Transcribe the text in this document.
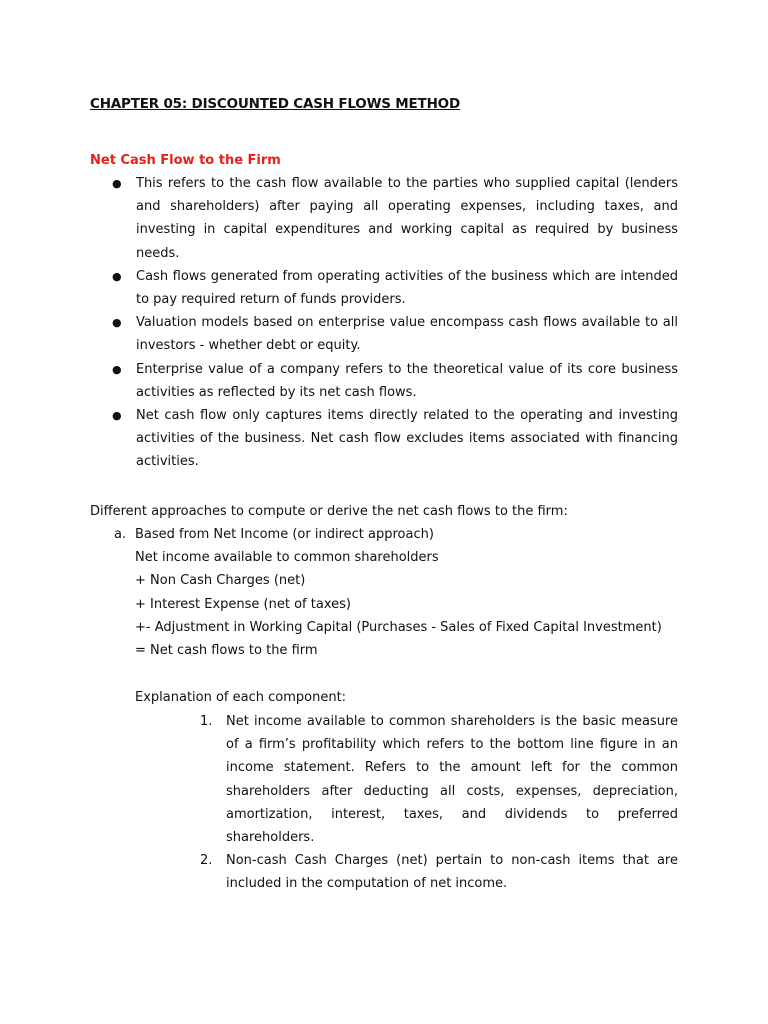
CHAPTER 05: DISCOUNTED CASH FLOWS METHOD
Net Cash Flow to the Firm
● This refers to the cash flow available to the parties who supplied capital (lenders and shareholders) after paying all operating expenses, including taxes, and investing in capital expenditures and working capital as required by business needs.
● Cash flows generated from operating activities of the business which are intended to pay required return of funds providers.
● Valuation models based on enterprise value encompass cash flows available to all investors - whether debt or equity.
● Enterprise value of a company refers to the theoretical value of its core business activities as reflected by its net cash flows.
● Net cash flow only captures items directly related to the operating and investing activities of the business. Net cash flow excludes items associated with financing activities.
Different approaches to compute or derive the net cash flows to the firm:
a. Based from Net Income (or indirect approach)
Net income available to common shareholders
+ Non Cash Charges (net)
+ Interest Expense (net of taxes)
+- Adjustment in Working Capital (Purchases - Sales of Fixed Capital Investment)
= Net cash flows to the firm
Explanation of each component:
1. Net income available to common shareholders is the basic measure of a firm’s profitability which refers to the bottom line figure in an income statement. Refers to the amount left for the common shareholders after deducting all costs, expenses, depreciation, amortization, interest, taxes, and dividends to preferred shareholders.
2. Non-cash Cash Charges (net) pertain to non-cash items that are included in the computation of net income.
